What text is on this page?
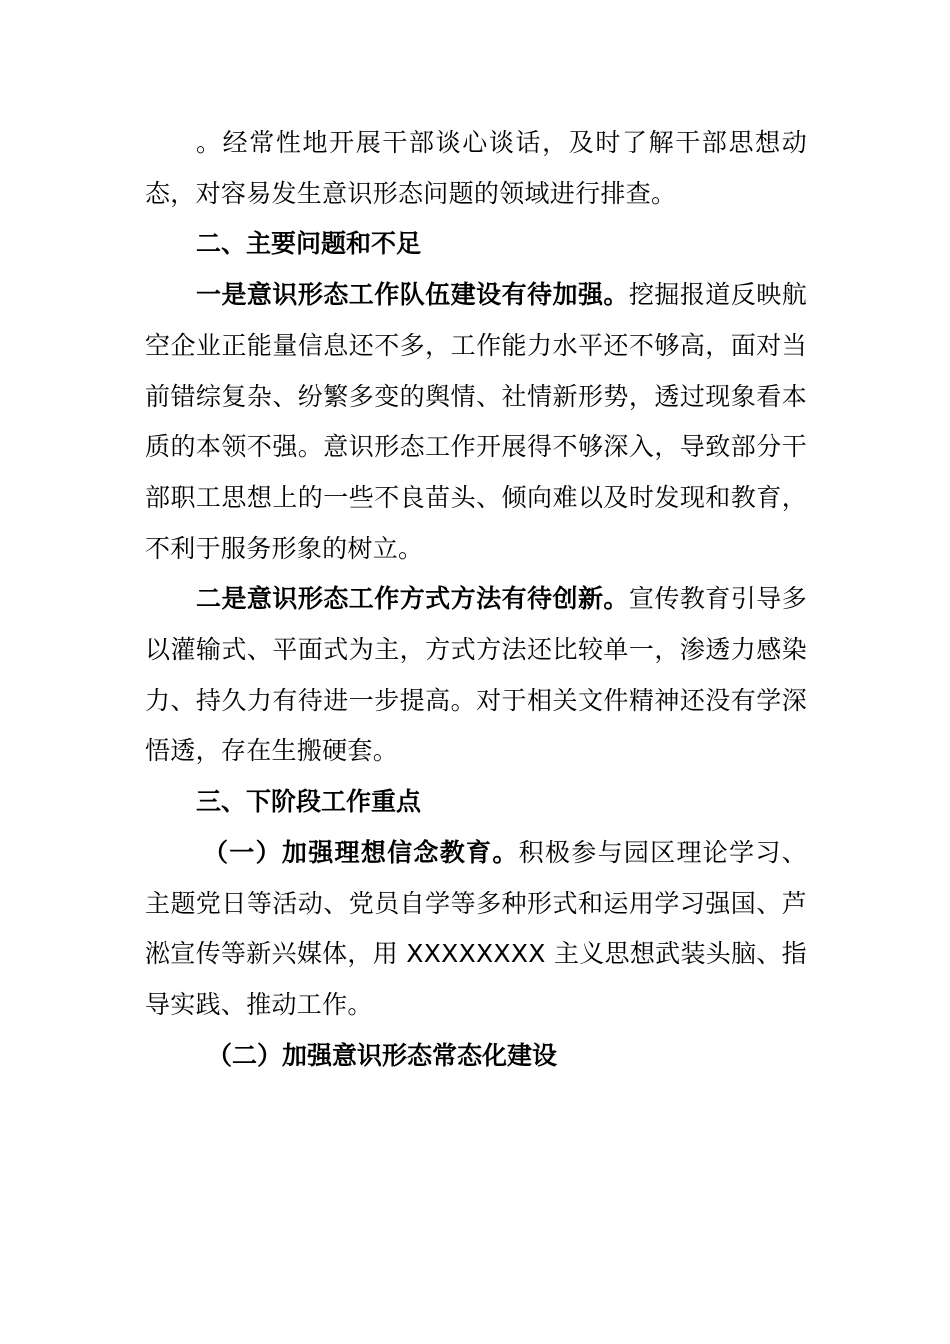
。经常性地开展干部谈心谈话，及时了解干部思想动态，对容易发生意识形态问题的领域进行排查。

二、主要问题和不足

一是意识形态工作队伍建设有待加强。挖掘报道反映航空企业正能量信息还不多，工作能力水平还不够高，面对当前错综复杂、纷繁多变的舆情、社情新形势，透过现象看本质的本领不强。意识形态工作开展得不够深入，导致部分干部职工思想上的一些不良苗头、倾向难以及时发现和教育，不利于服务形象的树立。

二是意识形态工作方式方法有待创新。宣传教育引导多以灌输式、平面式为主，方式方法还比较单一，渗透力感染力、持久力有待进一步提高。对于相关文件精神还没有学深悟透，存在生搬硬套。

三、下阶段工作重点

（一）加强理想信念教育。积极参与园区理论学习、主题党日等活动、党员自学等多种形式和运用学习强国、芦淞宣传等新兴媒体，用 XXXXXXXX 主义思想武装头脑、指导实践、推动工作。

（二）加强意识形态常态化建设
